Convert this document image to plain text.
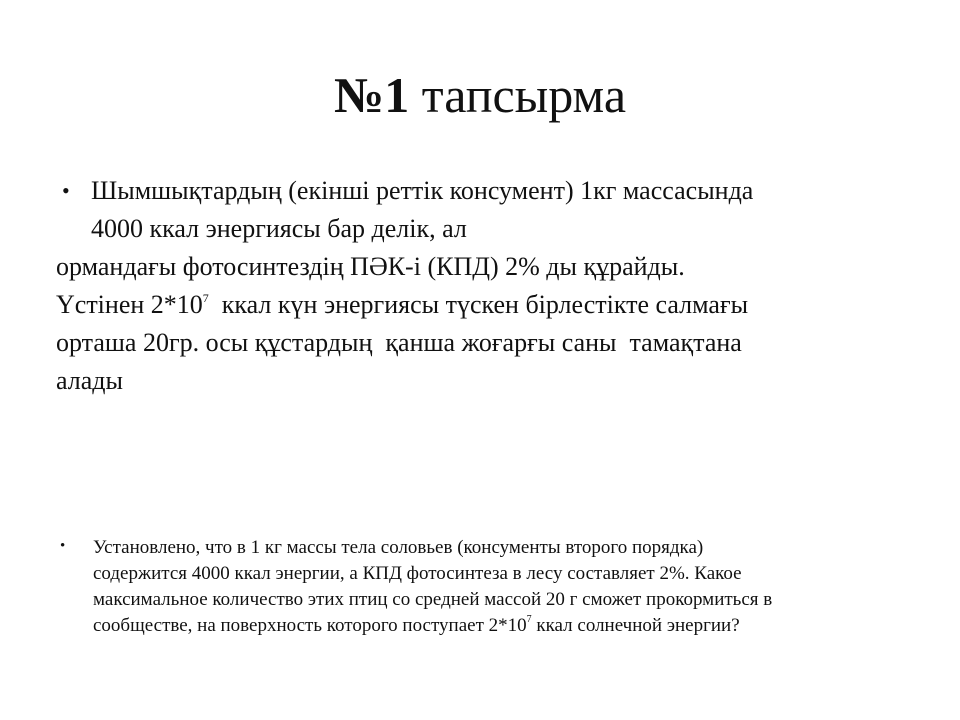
№1 тапсырма
• Шымшықтардың (екінші реттік консумент) 1кг массасында
4000 ккал энергиясы бар делік, ал
ормандағы фотосинтездің ПӘК-і (КПД) 2% ды құрайды.
Үстінен $2*10^7$  ккал күн энергиясы түскен бірлестікте салмағы
орташа 20гр. осы құстардың  қанша жоғарғы саны  тамақтана
алады
• Установлено, что в 1 кг массы тела соловьев (консументы второго порядка)
содержится 4000 ккал энергии, а КПД фотосинтеза в лесу составляет 2%. Какое
максимальное количество этих птиц со средней массой 20 г сможет прокормиться в
сообществе, на поверхность которого поступает $2*10^7$ ккал солнечной энергии?
